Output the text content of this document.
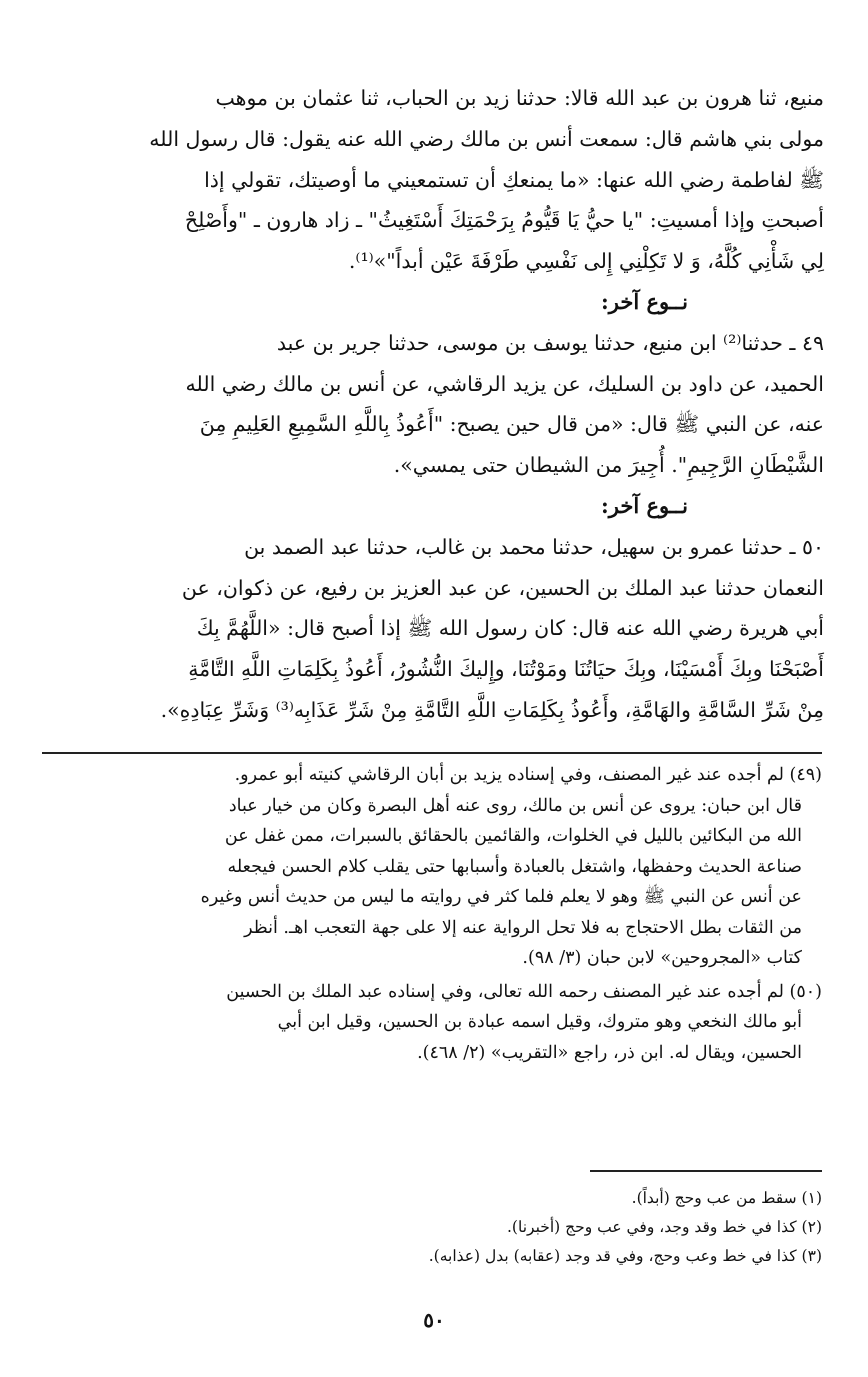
منيع، ثنا هرون بن عبد الله قالا: حدثنا زيد بن الحباب، ثنا عثمان بن موهب
مولى بني هاشم قال: سمعت أنس بن مالك رضي الله عنه يقول: قال رسول الله
ﷺ لفاطمة رضي الله عنها: «ما يمنعكِ أن تستمعيني ما أوصيتك، تقولي إذا
أصبحتِ وإذا أمسيتِ: "يا حيُّ يَا قَيُّومُ بِرَحْمَتِكَ أَسْتَغِيثُ" ـ زاد هارون ـ "وأَصْلِحْ
لِي شَأْنِي كُلَّهُ، وَ لا تَكِلْنِي إِلى نَفْسِي طَرْفَةَ عَيْن أبداً"»⁽¹⁾.
نــوع آخر:
٤٩ ـ حدثنا⁽²⁾ ابن منيع، حدثنا يوسف بن موسى، حدثنا جرير بن عبد
الحميد، عن داود بن السليك، عن يزيد الرقاشي، عن أنس بن مالك رضي الله
عنه، عن النبي ﷺ قال: «من قال حين يصبح: "أَعُوذُ بِاللَّهِ السَّمِيعِ العَلِيمِ مِنَ
الشَّيْطَانِ الرَّجِيمِ". أُجِيرَ من الشيطان حتى يمسي».
نــوع آخر:
٥٠ ـ حدثنا عمرو بن سهيل، حدثنا محمد بن غالب، حدثنا عبد الصمد بن
النعمان حدثنا عبد الملك بن الحسين، عن عبد العزيز بن رفيع، عن ذكوان، عن
أبي هريرة رضي الله عنه قال: كان رسول الله ﷺ إذا أصبح قال: «اللَّهُمَّ بِكَ
أَصْبَحْنَا وبِكَ أَمْسَيْنَا، وبِكَ حيَاتُنَا ومَوْتُنَا، وإِليكَ النُّشُورُ، أَعُوذُ بِكَلِمَاتِ اللَّهِ التَّامَّةِ
مِنْ شَرِّ السَّامَّةِ والهَامَّةِ، وأَعُوذُ بِكَلِمَاتِ اللَّهِ التَّامَّةِ مِنْ شَرِّ عَذَابِه⁽³⁾ وَشَرِّ عِبَادِهِ».
(٤٩) لم أجده عند غير المصنف، وفي إسناده يزيد بن أبان الرقاشي كنيته أبو عمرو.
قال ابن حبان: يروى عن أنس بن مالك، روى عنه أهل البصرة وكان من خيار عباد
الله من البكائين بالليل في الخلوات، والقائمين بالحقائق بالسبرات، ممن غفل عن
صناعة الحديث وحفظها، واشتغل بالعبادة وأسبابها حتى يقلب كلام الحسن فيجعله
عن أنس عن النبي ﷺ وهو لا يعلم فلما كثر في روايته ما ليس من حديث أنس وغيره
من الثقات بطل الاحتجاج به فلا تحل الرواية عنه إلا على جهة التعجب اهـ. أنظر
كتاب «المجروحين» لابن حبان (٣/ ٩٨).
(٥٠) لم أجده عند غير المصنف رحمه الله تعالى، وفي إسناده عبد الملك بن الحسين
أبو مالك النخعي وهو متروك، وقيل اسمه عبادة بن الحسين، وقيل ابن أبي
الحسين، ويقال له. ابن ذر، راجع «التقريب» (٢/ ٤٦٨).
(١) سقط من عب وحج (أبداً).
(٢) كذا في خط وقد وجد، وفي عب وحج (أخبرنا).
(٣) كذا في خط وعب وحج، وفي قد وجد (عقابه) بدل (عذابه).
٥٠
